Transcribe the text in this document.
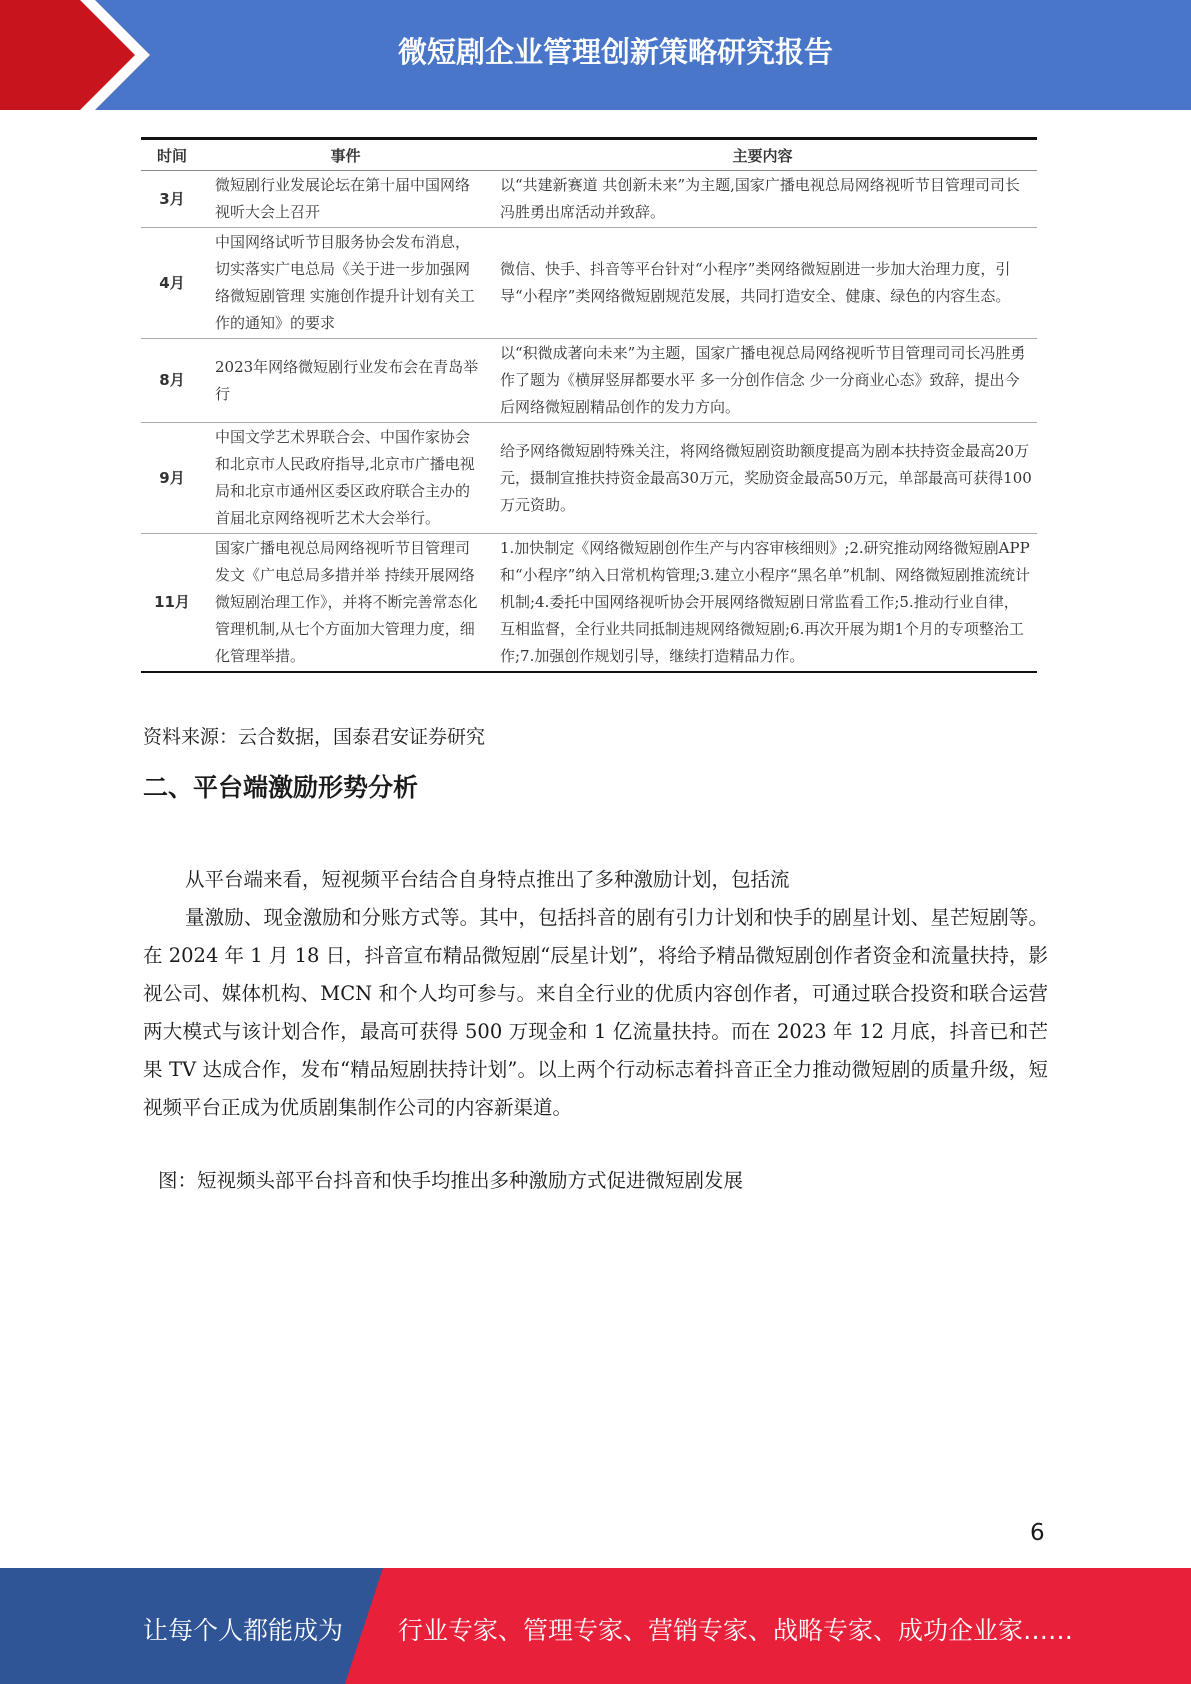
微短剧企业管理创新策略研究报告
时间	事件	主要内容
3月	微短剧行业发展论坛在第十届中国网络视听大会上召开	以“共建新赛道 共创新未来”为主题,国家广播电视总局网络视听节目管理司司长冯胜勇出席活动并致辞。
4月	中国网络试听节目服务协会发布消息，切实落实广电总局《关于进一步加强网络微短剧管理 实施创作提升计划有关工作的通知》的要求	微信、快手、抖音等平台针对“小程序”类网络微短剧进一步加大治理力度，引导“小程序”类网络微短剧规范发展，共同打造安全、健康、绿色的内容生态。
8月	2023年网络微短剧行业发布会在青岛举行	以“积微成著向未来”为主题，国家广播电视总局网络视听节目管理司司长冯胜勇作了题为《横屏竖屏都要水平 多一分创作信念 少一分商业心态》致辞，提出今后网络微短剧精品创作的发力方向。
9月	中国文学艺术界联合会、中国作家协会和北京市人民政府指导,北京市广播电视局和北京市通州区委区政府联合主办的首届北京网络视听艺术大会举行。	给予网络微短剧特殊关注，将网络微短剧资助额度提高为剧本扶持资金最高20万元，摄制宣推扶持资金最高30万元，奖励资金最高50万元，单部最高可获得100万元资助。
11月	国家广播电视总局网络视听节目管理司发文《广电总局多措并举 持续开展网络微短剧治理工作》，并将不断完善常态化管理机制,从七个方面加大管理力度，细化管理举措。	1.加快制定《网络微短剧创作生产与内容审核细则》;2.研究推动网络微短剧APP和“小程序”纳入日常机构管理;3.建立小程序“黑名单”机制、网络微短剧推流统计机制;4.委托中国网络视听协会开展网络微短剧日常监看工作;5.推动行业自律，互相监督，全行业共同抵制违规网络微短剧;6.再次开展为期1个月的专项整治工作;7.加强创作规划引导，继续打造精品力作。
资料来源：云合数据，国泰君安证券研究
二、平台端激励形势分析
从平台端来看，短视频平台结合自身特点推出了多种激励计划，包括流
量激励、现金激励和分账方式等。其中，包括抖音的剧有引力计划和快手的剧星计划、星芒短剧等。在 2024 年 1 月 18 日，抖音宣布精品微短剧“辰星计划”，将给予精品微短剧创作者资金和流量扶持，影视公司、媒体机构、MCN 和个人均可参与。来自全行业的优质内容创作者，可通过联合投资和联合运营两大模式与该计划合作，最高可获得 500 万现金和 1 亿流量扶持。而在 2023 年 12 月底，抖音已和芒果 TV 达成合作，发布“精品短剧扶持计划”。以上两个行动标志着抖音正全力推动微短剧的质量升级，短视频平台正成为优质剧集制作公司的内容新渠道。
图：短视频头部平台抖音和快手均推出多种激励方式促进微短剧发展
6
让每个人都能成为 行业专家、管理专家、营销专家、战略专家、成功企业家……
